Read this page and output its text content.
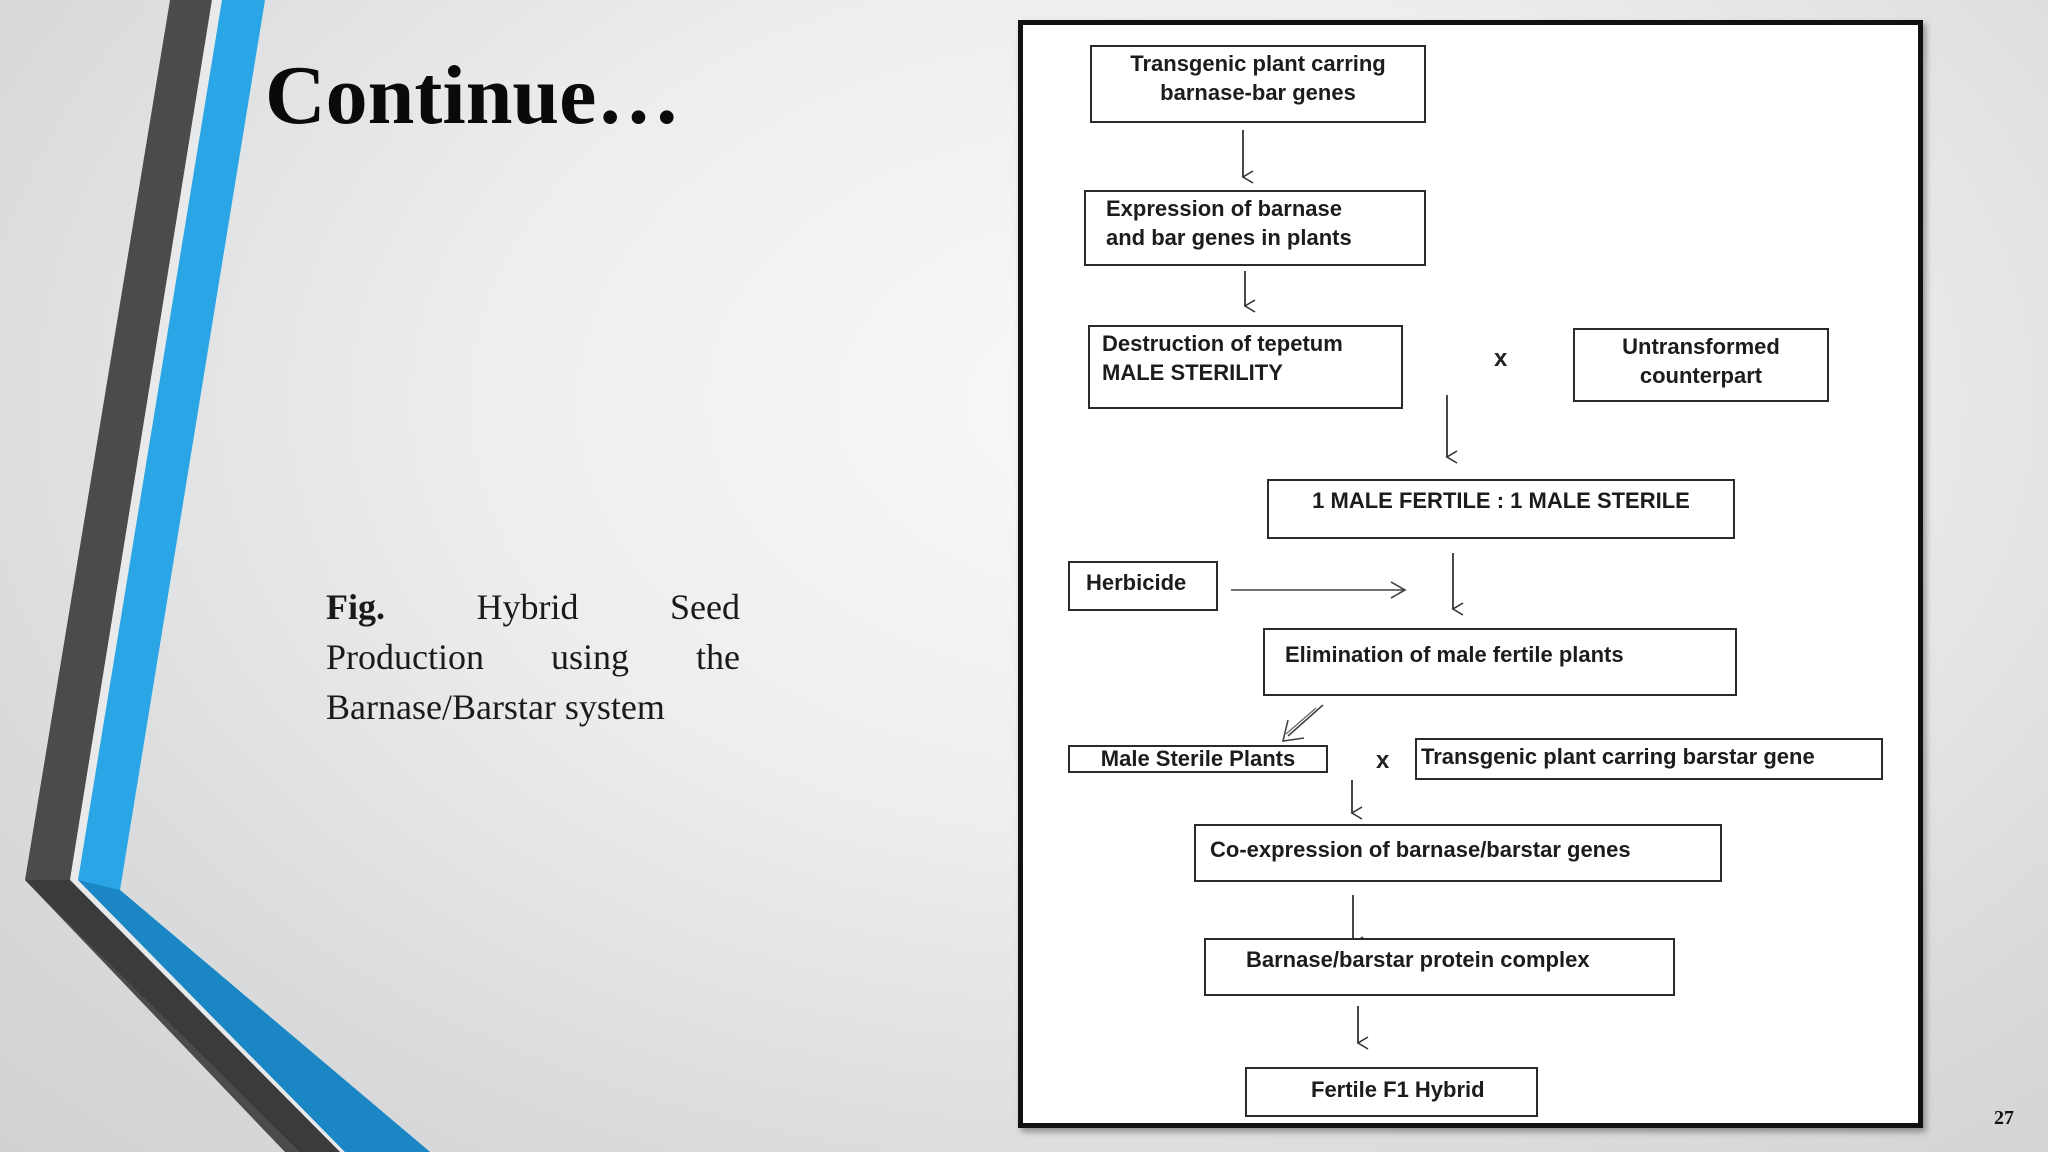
Continue…
Fig.	Hybrid Seed
Production using the
Barnase/Barstar system
Transgenic plant carring
barnase-bar genes
Expression of barnase
and bar genes in plants
Destruction of tepetum
MALE STERILITY
x	Untransformed
counterpart
1 MALE FERTILE : 1 MALE STERILE
Herbicide
Elimination of male fertile plants
Male Sterile Plants	x Transgenic plant carring barstar gene
Co-expression of barnase/barstar genes
Barnase/barstar protein complex
Fertile F1 Hybrid
27
